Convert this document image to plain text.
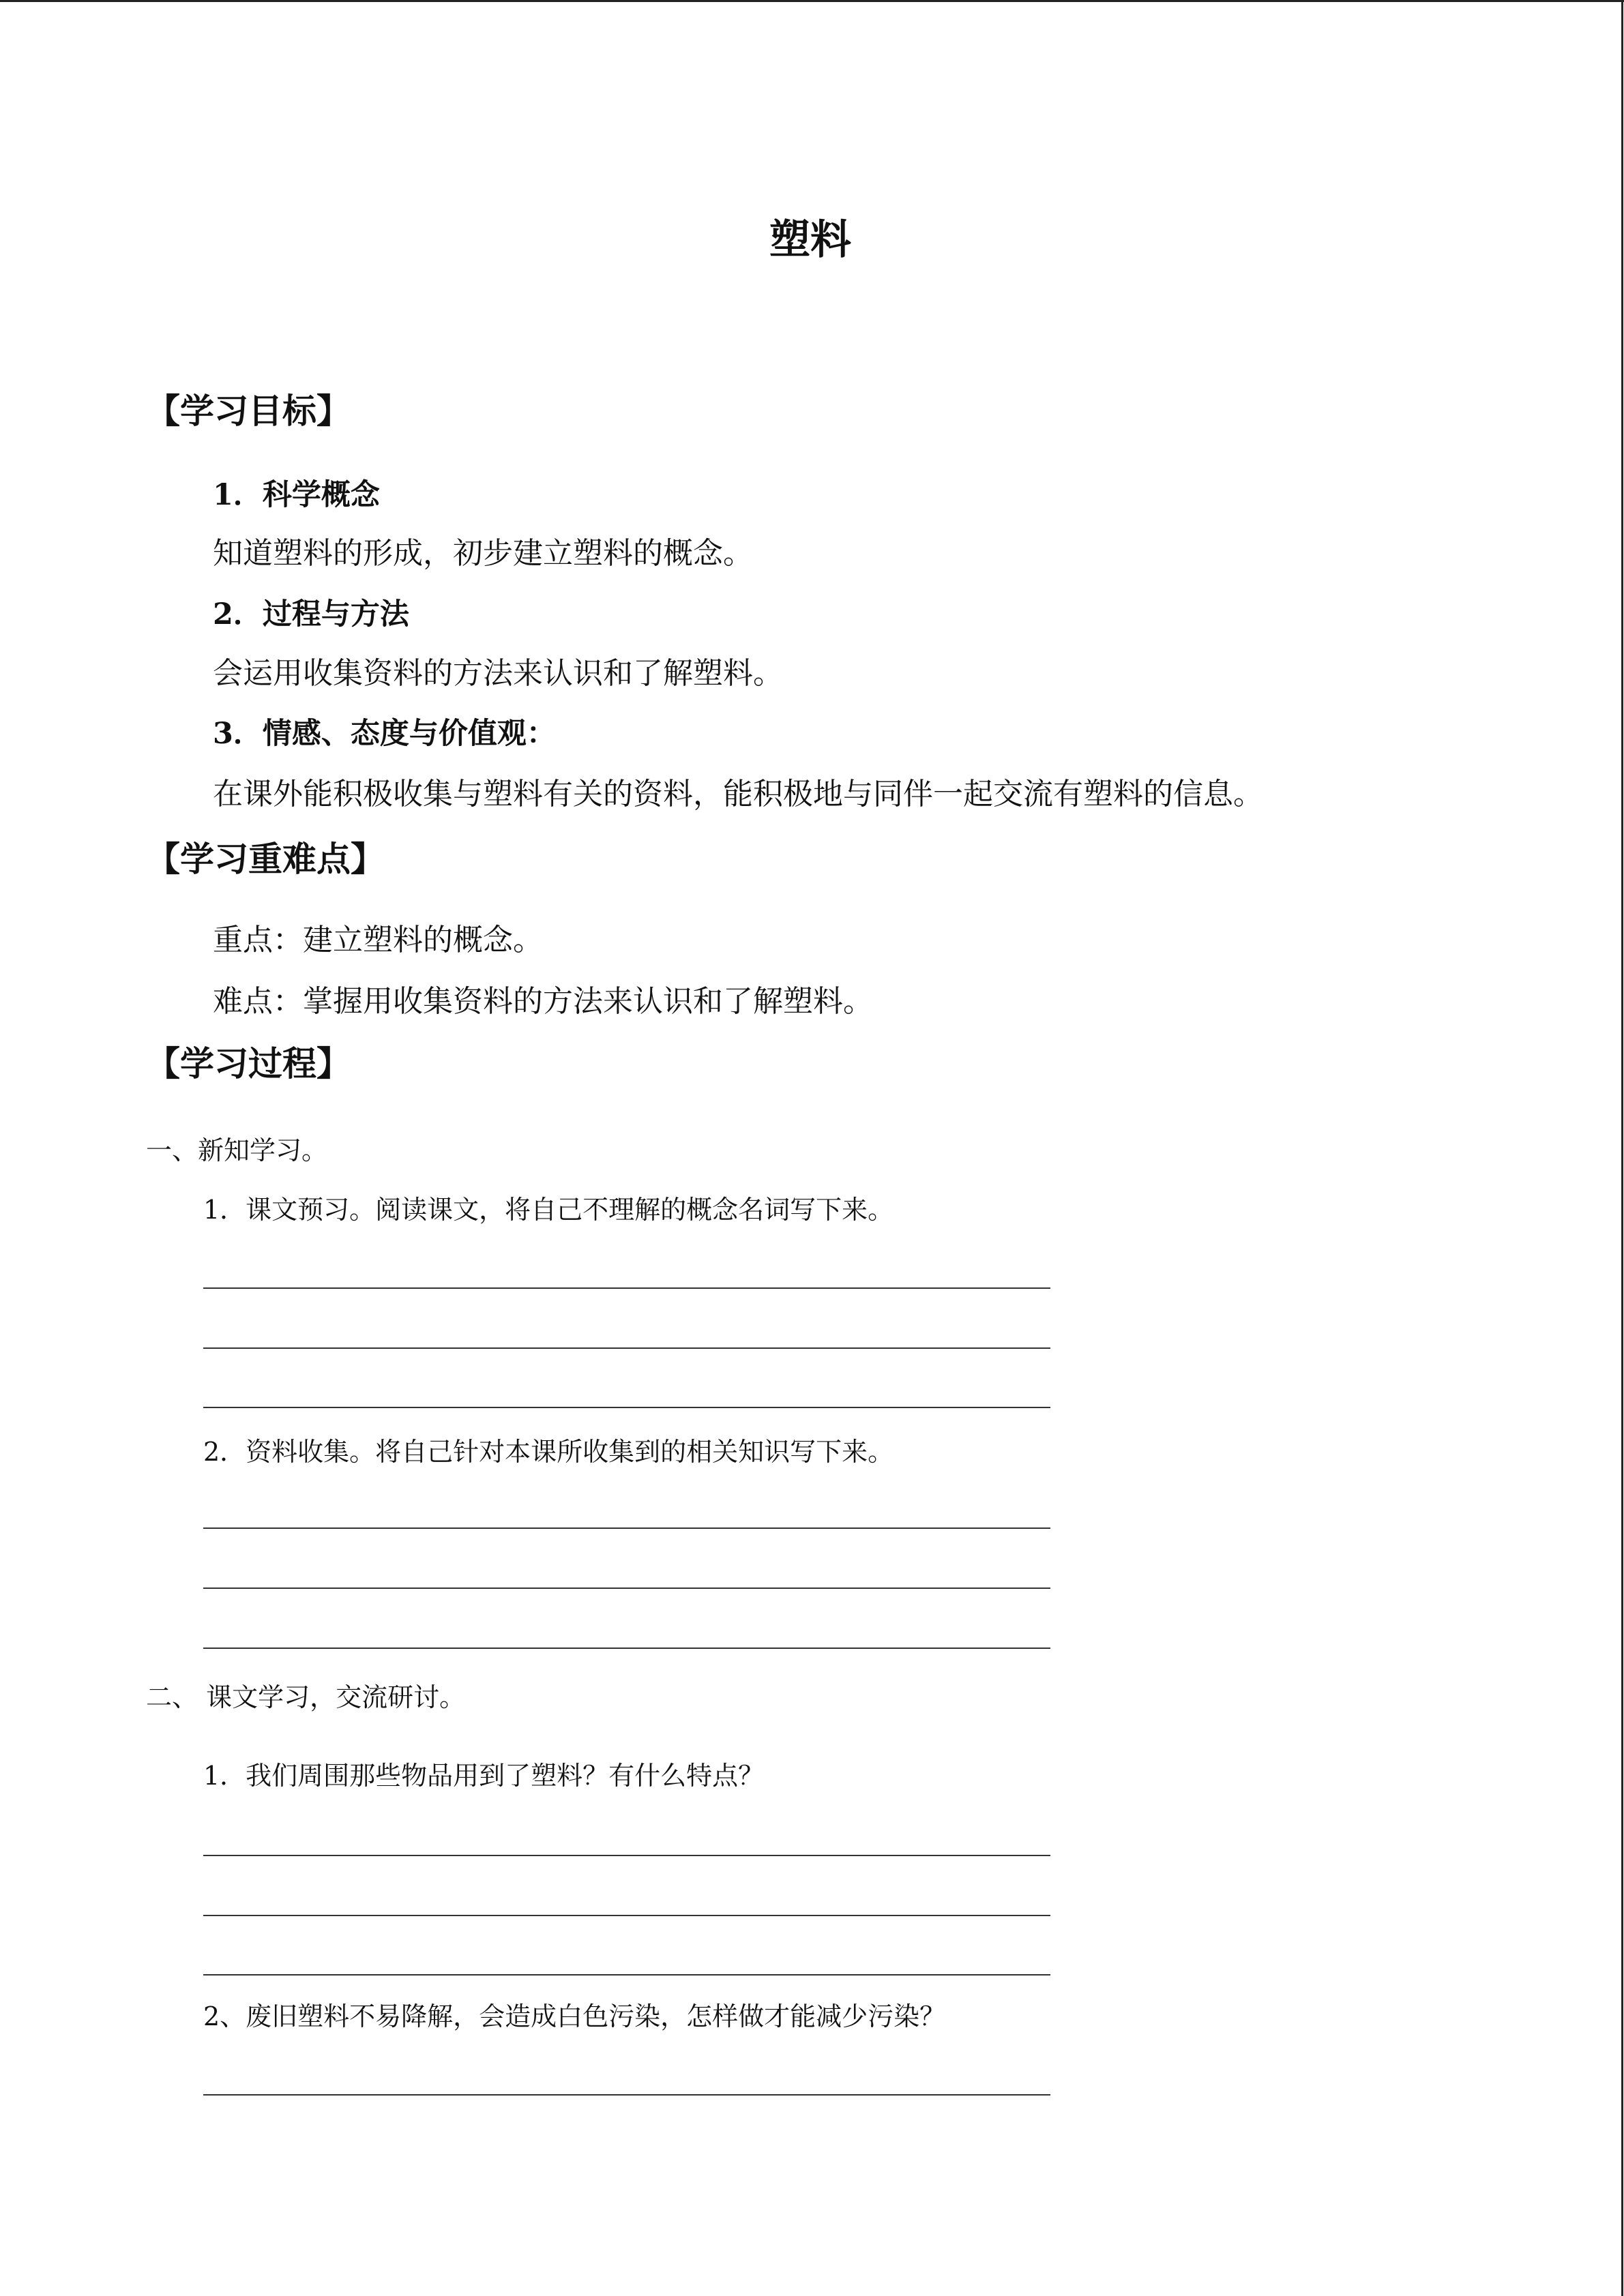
塑料
【学习目标】
1．科学概念
知道塑料的形成，初步建立塑料的概念。
2．过程与方法
会运用收集资料的方法来认识和了解塑料。
3．情感、态度与价值观：
在课外能积极收集与塑料有关的资料，能积极地与同伴一起交流有塑料的信息。
【学习重难点】
重点：建立塑料的概念。
难点：掌握用收集资料的方法来认识和了解塑料。
【学习过程】
一、新知学习。
1．课文预习。阅读课文，将自己不理解的概念名词写下来。
2．资料收集。将自己针对本课所收集到的相关知识写下来。
二、 课文学习，交流研讨。
1．我们周围那些物品用到了塑料？有什么特点？
2、废旧塑料不易降解，会造成白色污染，怎样做才能减少污染？
